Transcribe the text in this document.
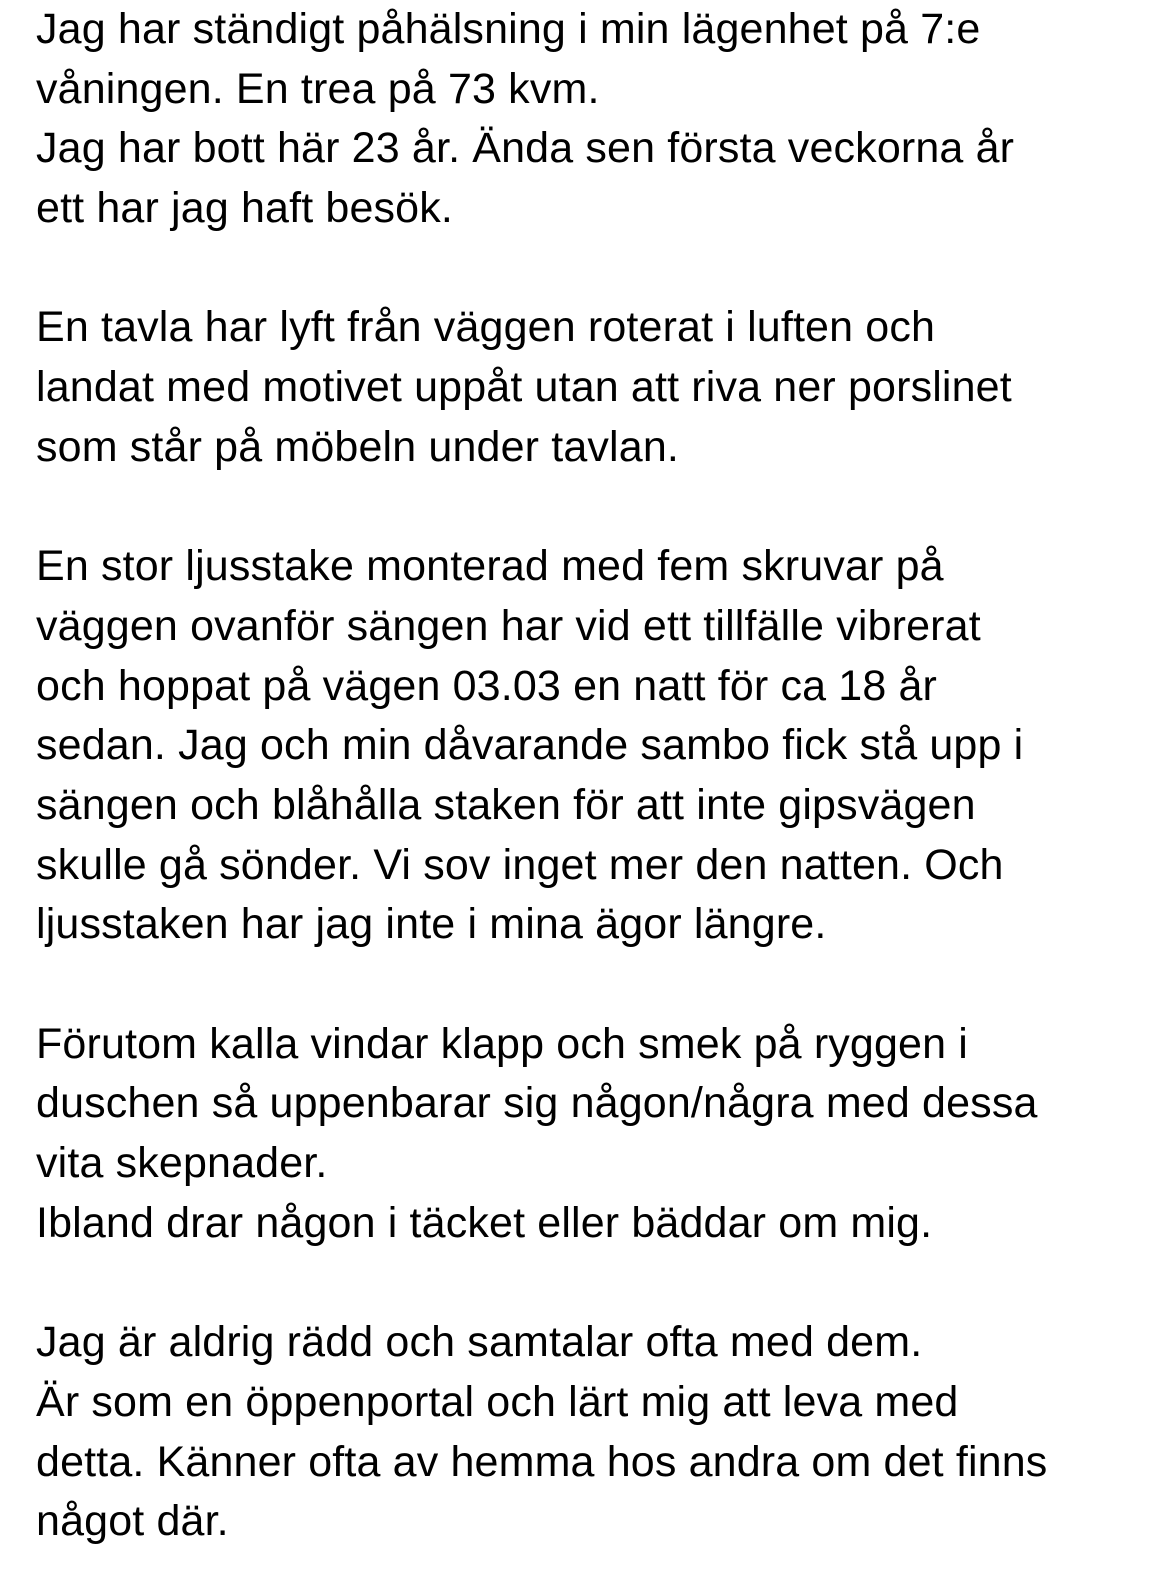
Jag har ständigt påhälsning i min lägenhet på 7:e
våningen. En trea på 73 kvm.
Jag har bott här 23 år. Ända sen första veckorna år
ett har jag haft besök.
En tavla har lyft från väggen roterat i luften och
landat med motivet uppåt utan att riva ner porslinet
som står på möbeln under tavlan.
En stor ljusstake monterad med fem skruvar på
väggen ovanför sängen har vid ett tillfälle vibrerat
och hoppat på vägen 03.03 en natt för ca 18 år
sedan. Jag och min dåvarande sambo fick stå upp i
sängen och blåhålla staken för att inte gipsvägen
skulle gå sönder. Vi sov inget mer den natten. Och
ljusstaken har jag inte i mina ägor längre.
Förutom kalla vindar klapp och smek på ryggen i
duschen så uppenbarar sig någon/några med dessa
vita skepnader.
Ibland drar någon i täcket eller bäddar om mig.
Jag är aldrig rädd och samtalar ofta med dem.
Är som en öppenportal och lärt mig att leva med
detta. Känner ofta av hemma hos andra om det finns
något där.
